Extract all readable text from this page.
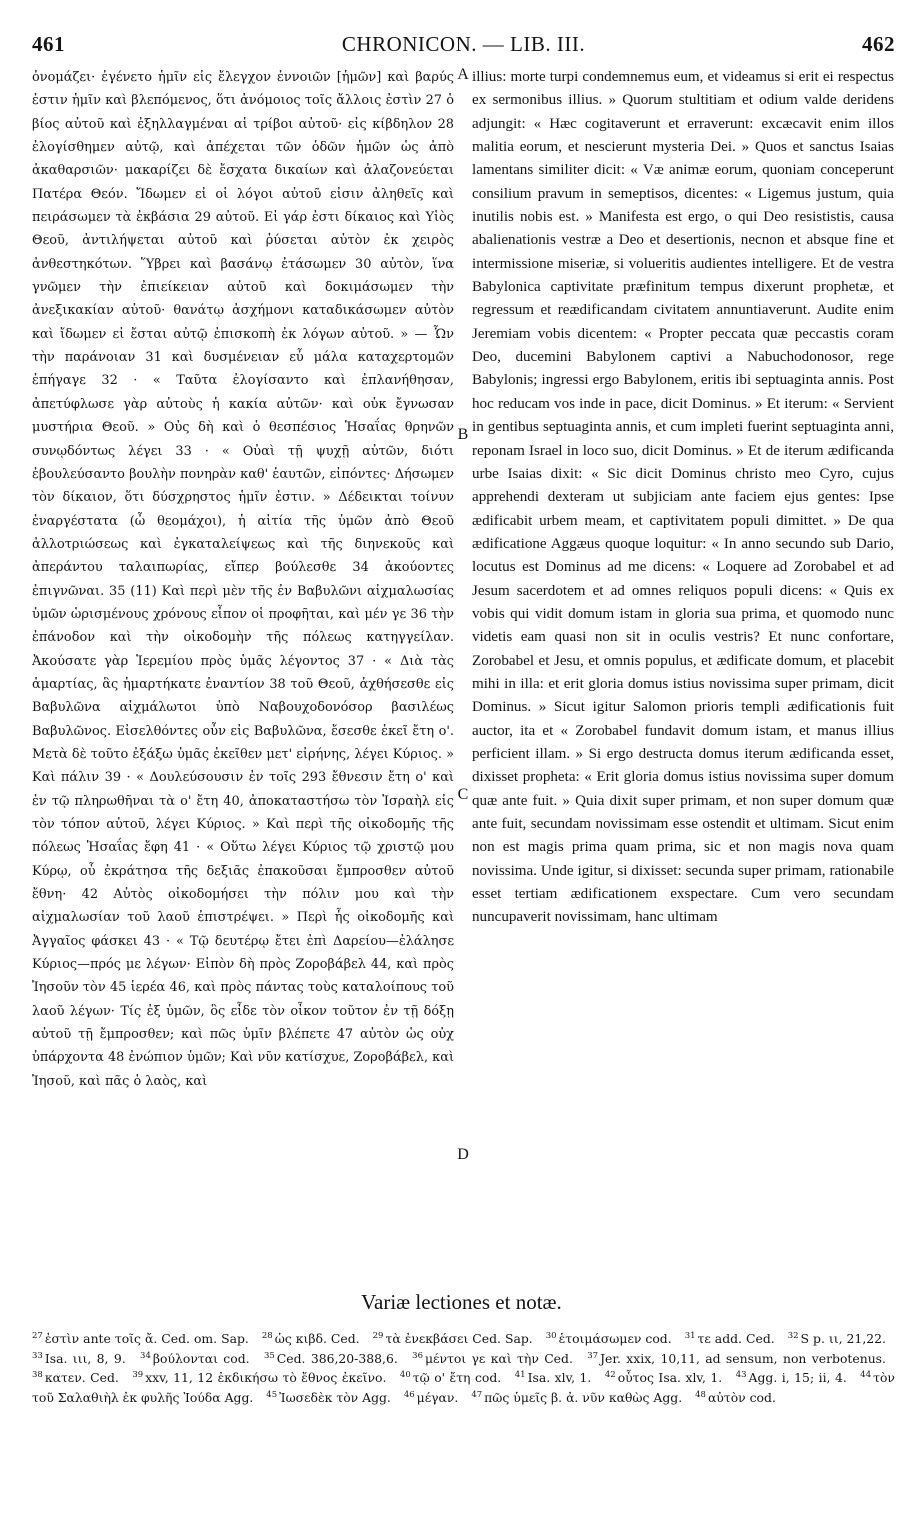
461	CHRONICON. — LIB. III.	462

ὀνομάζει· ἐγένετο ἡμῖν εἰς ἔλεγχον ἐννοιῶν [ἡμῶν] καὶ βαρύς ἐστιν ἡμῖν καὶ βλεπόμενος, ὅτι ἀνόμοιος τοῖς ἄλλοις ἐστὶν 27 ὁ βίος αὐτοῦ καὶ ἐξηλλαγμέναι αἱ τρίβοι αὐτοῦ· εἰς κίβδηλον 28 ἐλογίσθημεν αὐτῷ, καὶ ἀπέχεται τῶν ὁδῶν ἡμῶν ὡς ἀπὸ ἀκαθαρσιῶν· μακαρίζει δὲ ἔσχατα δικαίων καὶ ἀλαζονεύεται Πατέρα Θεόν. Ἴδωμεν εἰ οἱ λόγοι αὐτοῦ εἰσιν ἀληθεῖς καὶ πειράσωμεν τὰ ἐκβάσια 29 αὐτοῦ. Εἰ γάρ ἐστι δίκαιος καὶ Υἱὸς Θεοῦ, ἀντιλήψεται αὐτοῦ καὶ ῥύσεται αὐτὸν ἐκ χειρὸς ἀνθεστηκότων. Ὕβρει καὶ βασάνῳ ἐτάσωμεν 30 αὐτὸν, ἵνα γνῶμεν τὴν ἐπιείκειαν αὐτοῦ καὶ δοκιμάσωμεν τὴν ἀνεξικακίαν αὐτοῦ· θανάτῳ ἀσχήμονι καταδικάσωμεν αὐτὸν καὶ ἴδωμεν εἰ ἔσται αὐτῷ ἐπισκοπὴ ἐκ λόγων αὐτοῦ. » — Ὧν τὴν παράνοιαν 31 καὶ δυσμένειαν εὖ μάλα καταχερτομῶν ἐπήγαγε 32 · « Ταῦτα ἐλογίσαντο καὶ ἐπλανήθησαν, ἀπετύφλωσε γὰρ αὐτοὺς ἡ κακία αὐτῶν· καὶ οὐκ ἔγνωσαν μυστήρια Θεοῦ. » Οὐς δὴ καὶ ὁ θεσπέσιος Ἡσαΐας θρηνῶν συνῳδόντως λέγει 33 · « Οὐαὶ τῇ ψυχῇ αὐτῶν, διότι ἐβουλεύσαντο βουλὴν πονηρὰν καθ' ἑαυτῶν, εἰπόντες· Δήσωμεν τὸν δίκαιον, ὅτι δύσχρηστος ἡμῖν ἐστιν. » Δέδεικται τοίνυν ἐναργέστατα (ὦ θεομάχοι), ἡ αἰτία τῆς ὑμῶν ἀπὸ Θεοῦ ἀλλοτριώσεως καὶ ἐγκαταλείψεως καὶ τῆς διηνεκοῦς καὶ ἀπεράντου ταλαιπωρίας, εἴπερ βούλεσθε 34 ἀκούοντες ἐπιγνῶναι. 35 (11) Καὶ περὶ μὲν τῆς ἐν Βαβυλῶνι αἰχμαλωσίας ὑμῶν ὡρισμένους χρόνους εἶπον οἱ προφῆται, καὶ μέν γε 36 τὴν ἐπάνοδον καὶ τὴν οἰκοδομὴν τῆς πόλεως κατηγγείλαν. Ἀκούσατε γὰρ Ἱερεμίου πρὸς ὑμᾶς λέγοντος 37 · « Διὰ τὰς ἁμαρτίας, ἃς ἡμαρτήκατε ἐναντίον 38 τοῦ Θεοῦ, ἀχθήσεσθε εἰς Βαβυλῶνα αἰχμάλωτοι ὑπὸ Ναβουχοδονόσορ βασιλέως Βαβυλῶνος. Εἰσελθόντες οὖν εἰς Βαβυλῶνα, ἔσεσθε ἐκεῖ ἔτη ο'. Μετὰ δὲ τοῦτο ἐξάξω ὑμᾶς ἐκεῖθεν μετ' εἰρήνης, λέγει Κύριος. » Καὶ πάλιν 39 · « Δουλεύσουσιν ἐν τοῖς 293 ἔθνεσιν ἔτη ο' καὶ ἐν τῷ πληρωθῆναι τὰ ο' ἔτη 40, ἀποκαταστήσω τὸν Ἰσραὴλ εἰς τὸν τόπον αὐτοῦ, λέγει Κύριος. » Καὶ περὶ τῆς οἰκοδομῆς τῆς πόλεως Ἡσαΐας ἔφη 41 · « Οὕτω λέγει Κύριος τῷ χριστῷ μου Κύρῳ, οὗ ἐκράτησα τῆς δεξιᾶς ἐπακοῦσαι ἔμπροσθεν αὐτοῦ ἔθνη· 42 Αὐτὸς οἰκοδομήσει τὴν πόλιν μου καὶ τὴν αἰχμαλωσίαν τοῦ λαοῦ ἐπιστρέψει. » Περὶ ἧς οἰκοδομῆς καὶ Ἀγγαῖος φάσκει 43 · « Τῷ δευτέρῳ ἔτει ἐπὶ Δαρείου—ἐλάλησε Κύριος—πρός με λέγων· Εἰπὸν δὴ πρὸς Ζοροβάβελ 44, καὶ πρὸς Ἰησοῦν τὸν 45 ἱερέα 46, καὶ πρὸς πάντας τοὺς καταλοίπους τοῦ λαοῦ λέγων· Τίς ἐξ ὑμῶν, ὃς εἶδε τὸν οἶκον τοῦτον ἐν τῇ δόξῃ αὐτοῦ τῇ ἔμπροσθεν; καὶ πῶς ὑμῖν βλέπετε 47 αὐτὸν ὡς οὐχ ὑπάρχοντα 48 ἐνώπιον ὑμῶν; Καὶ νῦν κατίσχυε, Ζοροβάβελ, καὶ Ἰησοῦ, καὶ πᾶς ὁ λαὸς, καὶ

A
B
C
D

illius: morte turpi condemnemus eum, et videamus si erit ei respectus ex sermonibus illius. » Quorum stultitiam et odium valde deridens adjungit: « Hæc cogitaverunt et erraverunt: excæcavit enim illos malitia eorum, et nescierunt mysteria Dei. » Quos et sanctus Isaias lamentans similiter dicit: « Væ animæ eorum, quoniam conceperunt consilium pravum in semeptisos, dicentes: « Ligemus justum, quia inutilis nobis est. » Manifesta est ergo, o qui Deo resististis, causa abalienationis vestræ a Deo et desertionis, necnon et absque fine et intermissione miseriæ, si volueritis audientes intelligere. Et de vestra Babylonica captivitate præfinitum tempus dixerunt prophetæ, et regressum et reædificandam civitatem annuntiaverunt. Audite enim Jeremiam vobis dicentem: « Propter peccata quæ peccastis coram Deo, ducemini Babylonem captivi a Nabuchodonosor, rege Babylonis; ingressi ergo Babylonem, eritis ibi septuaginta annis. Post hoc reducam vos inde in pace, dicit Dominus. » Et iterum: « Servient in gentibus septuaginta annis, et cum impleti fuerint septuaginta anni, reponam Israel in loco suo, dicit Dominus. » Et de iterum ædificanda urbe Isaias dixit: « Sic dicit Dominus christo meo Cyro, cujus apprehendi dexteram ut subjiciam ante faciem ejus gentes: Ipse ædificabit urbem meam, et captivitatem populi dimittet. » De qua ædificatione Aggæus quoque loquitur: « In anno secundo sub Dario, locutus est Dominus ad me dicens: « Loquere ad Zorobabel et ad Jesum sacerdotem et ad omnes reliquos populi dicens: « Quis ex vobis qui vidit domum istam in gloria sua prima, et quomodo nunc videtis eam quasi non sit in oculis vestris? Et nunc confortare, Zorobabel et Jesu, et omnis populus, et ædificate domum, et placebit mihi in illa: et erit gloria domus istius novissima super primam, dicit Dominus. » Sicut igitur Salomon prioris templi ædificationis fuit auctor, ita et « Zorobabel fundavit domum istam, et manus illius perficient illam. » Si ergo destructa domus iterum ædificanda esset, dixisset propheta: « Erit gloria domus istius novissima super domum quæ ante fuit. » Quia dixit super primam, et non super domum quæ ante fuit, secundam novissimam esse ostendit et ultimam. Sicut enim non est magis prima quam prima, sic et non magis nova quam novissima. Unde igitur, si dixisset: secunda super primam, rationabile esset tertiam ædificationem exspectare. Cum vero secundam nuncupaverit novissimam, hanc ultimam

Variæ lectiones et notæ.
$^{27}$ ἐστὶν ante τοῖς ἄ. Ced. om. Sap. $^{28}$ ὡς κιβδ. Ced. $^{29}$ τὰ ἐνεκβάσει Ced. Sap. $^{30}$ ἑτοιμάσωμεν cod. $^{31}$ τε add. Ced. $^{32}$ S p. ιι, 21,22. $^{33}$ Isa. ιιι, 8, 9. $^{34}$ βούλονται cod. $^{35}$ Ced. 386,20-388,6. $^{36}$ μέντοι γε καὶ τὴν Ced. $^{37}$ Jer. xxix, 10,11, ad sensum, non verbotenus. $^{38}$ κατεν. Ced. $^{39}$ xxv, 11, 12 ἐκδικήσω τὸ ἔθνος ἐκεῖνο. $^{40}$ τῷ ο' ἔτη cod. $^{41}$ Isa. xlv, 1. $^{42}$ οὗτος Isa. xlv, 1. $^{43}$ Agg. i, 15; ii, 4. $^{44}$ τὸν τοῦ Σαλαθιὴλ ἐκ φυλῆς Ἰούδα Agg. $^{45}$ Ἰωσεδὲκ τὸν Agg. $^{46}$ μέγαν. $^{47}$ πῶς ὑμεῖς β. ἀ. νῦν καθὼς Agg. $^{48}$ αὐτὸν cod.
